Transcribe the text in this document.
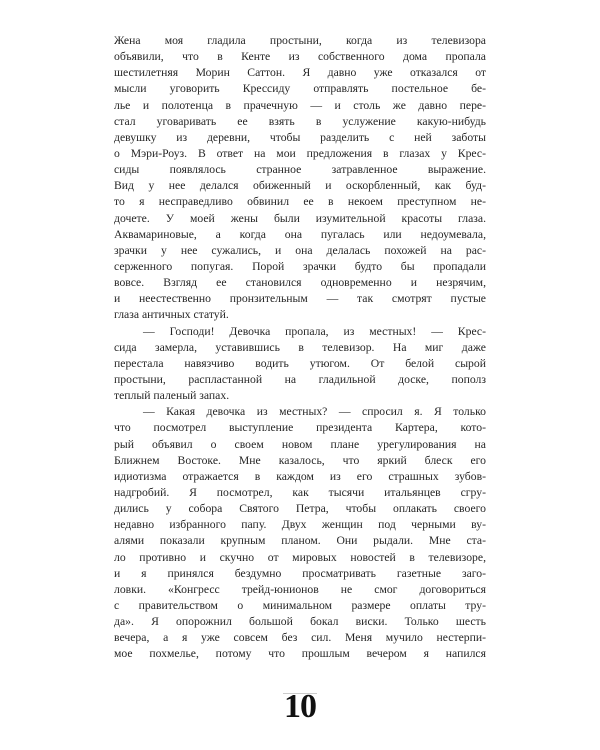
Жена моя гладила простыни, когда из телевизора
объявили, что в Кенте из собственного дома пропала
шестилетняя Морин Саттон. Я давно уже отказался от
мысли уговорить Крессиду отправлять постельное бе-
лье и полотенца в прачечную — и столь же давно пере-
стал уговаривать ее взять в услужение какую-нибудь
девушку из деревни, чтобы разделить с ней заботы
о Мэри-Роуз. В ответ на мои предложения в глазах у Крес-
сиды появлялось странное затравленное выражение.
Вид у нее делался обиженный и оскорбленный, как буд-
то я несправедливо обвинил ее в некоем преступном не-
дочете. У моей жены были изумительной красоты глаза.
Аквамариновые, а когда она пугалась или недоумевала,
зрачки у нее сужались, и она делалась похожей на рас-
серженного попугая. Порой зрачки будто бы пропадали
вовсе. Взгляд ее становился одновременно и незрячим,
и неестественно пронзительным — так смотрят пустые
глаза античных статуй.
— Господи! Девочка пропала, из местных! — Крес-
сида замерла, уставившись в телевизор. На миг даже
перестала навязчиво водить утюгом. От белой сырой
простыни, распластанной на гладильной доске, пополз
теплый паленый запах.
— Какая девочка из местных? — спросил я. Я только
что посмотрел выступление президента Картера, кото-
рый объявил о своем новом плане урегулирования на
Ближнем Востоке. Мне казалось, что яркий блеск его
идиотизма отражается в каждом из его страшных зубов-
надгробий. Я посмотрел, как тысячи итальянцев сгру-
дились у собора Святого Петра, чтобы оплакать своего
недавно избранного папу. Двух женщин под черными ву-
алями показали крупным планом. Они рыдали. Мне ста-
ло противно и скучно от мировых новостей в телевизоре,
и я принялся бездумно просматривать газетные заго-
ловки. «Конгресс трейд-юнионов не смог договориться
с правительством о минимальном размере оплаты тру-
да». Я опорожнил большой бокал виски. Только шесть
вечера, а я уже совсем без сил. Меня мучило нестерпи-
мое похмелье, потому что прошлым вечером я напился
10
